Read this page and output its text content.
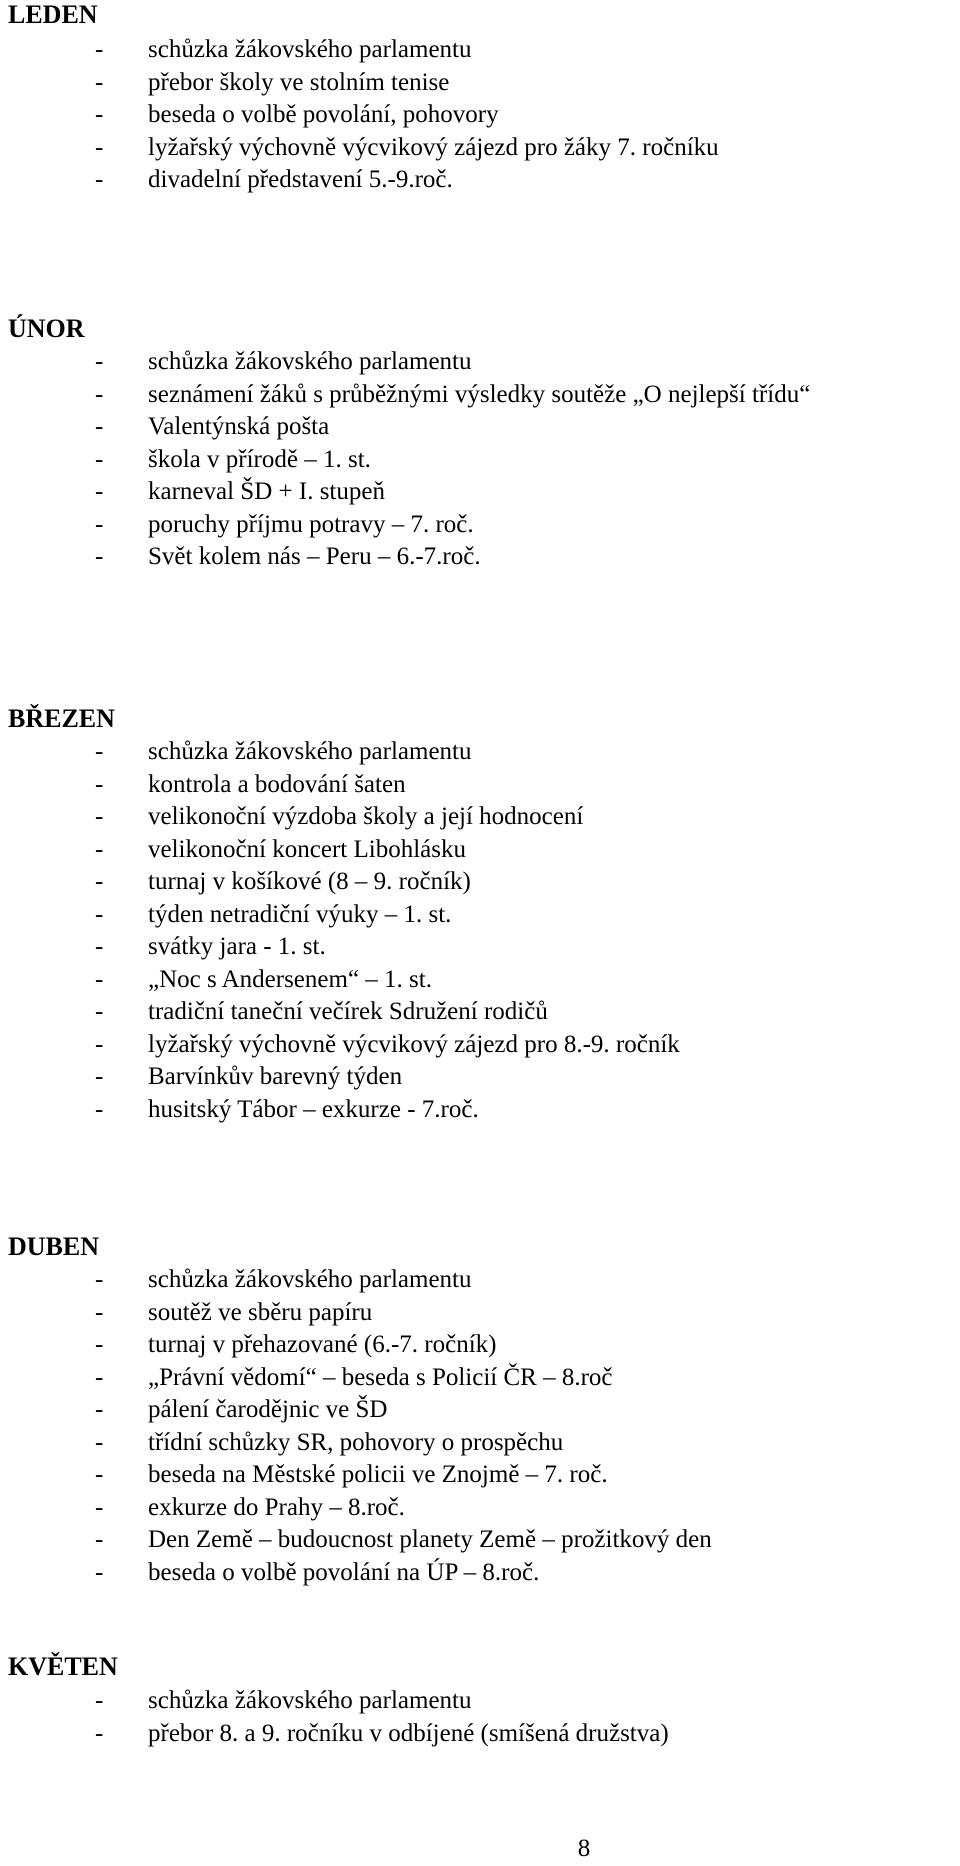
LEDEN
- schůzka žákovského parlamentu
- přebor školy ve stolním tenise
- beseda o volbě povolání, pohovory
- lyžařský výchovně výcvikový zájezd pro žáky 7. ročníku
- divadelní představení 5.-9.roč.
ÚNOR
- schůzka žákovského parlamentu
- seznámení žáků s průběžnými výsledky soutěže „O nejlepší třídu“
- Valentýnská pošta
- škola v přírodě – 1. st.
- karneval ŠD + I. stupeň
- poruchy příjmu potravy – 7. roč.
- Svět kolem nás – Peru – 6.-7.roč.
BŘEZEN
- schůzka žákovského parlamentu
- kontrola a bodování šaten
- velikonoční výzdoba školy a její hodnocení
- velikonoční koncert Libohlásku
- turnaj v košíkové (8 – 9. ročník)
- týden netradiční výuky – 1. st.
- svátky jara - 1. st.
- „Noc s Andersenem“ – 1. st.
- tradiční taneční večírek Sdružení rodičů
- lyžařský výchovně výcvikový zájezd pro 8.-9. ročník
- Barvínkův barevný týden
- husitský Tábor – exkurze - 7.roč.
DUBEN
- schůzka žákovského parlamentu
- soutěž ve sběru papíru
- turnaj v přehazované (6.-7. ročník)
- „Právní vědomí“ – beseda s Policií ČR – 8.roč
- pálení čarodějnic ve ŠD
- třídní schůzky SR, pohovory o prospěchu
- beseda na Městské policii ve Znojmě – 7. roč.
- exkurze do Prahy – 8.roč.
- Den Země – budoucnost planety Země – prožitkový den
- beseda o volbě povolání na ÚP – 8.roč.
KVĚTEN
- schůzka žákovského parlamentu
- přebor 8. a 9. ročníku v odbíjené (smíšená družstva)
8
